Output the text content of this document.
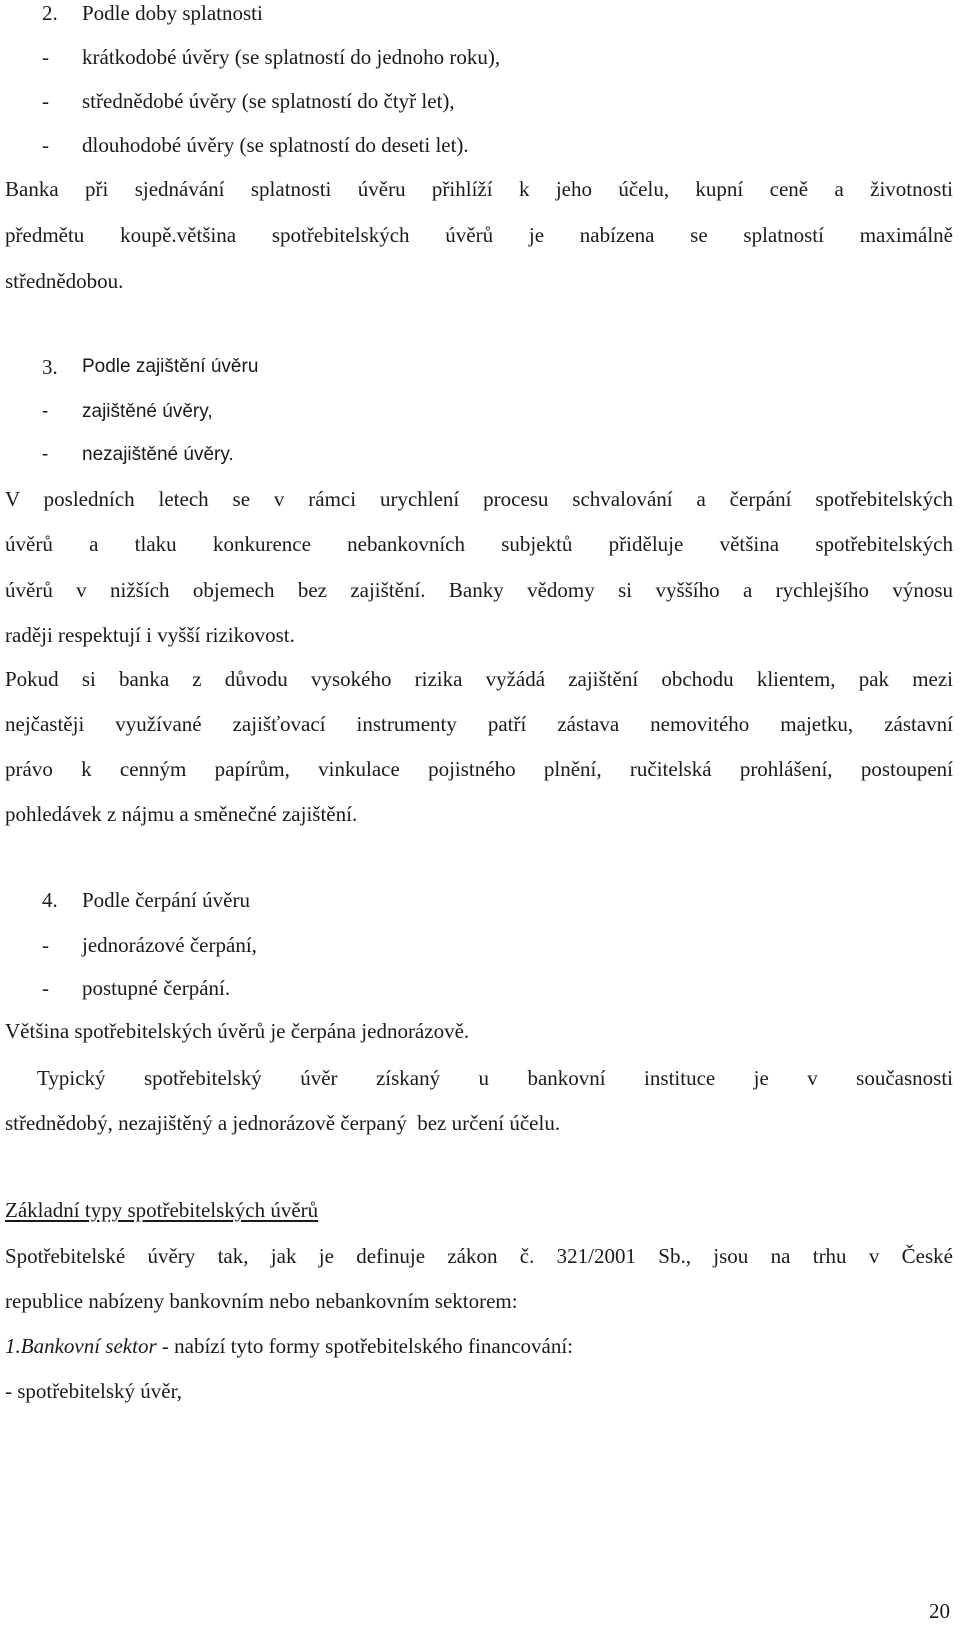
2. Podle doby splatnosti
- krátkodobé úvěry (se splatností do jednoho roku),
- střednědobé úvěry (se splatností do čtyř let),
- dlouhodobé úvěry (se splatností do deseti let).
Banka při sjednávání splatnosti úvěru přihlíží k jeho účelu, kupní ceně a životnosti
předmětu koupě.většina spotřebitelských úvěrů je nabízena se splatností maximálně
střednědobou.
3. Podle zajištění úvěru
- zajištěné úvěry,
- nezajištěné úvěry.
V posledních letech se v rámci urychlení procesu schvalování a čerpání spotřebitelských
úvěrů a tlaku konkurence nebankovních subjektů přiděluje většina spotřebitelských
úvěrů v nižších objemech bez zajištění. Banky vědomy si vyššího a rychlejšího výnosu
raději respektují i vyšší rizikovost.
Pokud si banka z důvodu vysokého rizika vyžádá zajištění obchodu klientem, pak mezi
nejčastěji využívané zajišťovací instrumenty patří zástava nemovitého majetku, zástavní
právo k cenným papírům, vinkulace pojistného plnění, ručitelská prohlášení, postoupení
pohledávek z nájmu a směnečné zajištění.
4. Podle čerpání úvěru
- jednorázové čerpání,
- postupné čerpání.
Většina spotřebitelských úvěrů je čerpána jednorázově.
Typický spotřebitelský úvěr získaný u bankovní instituce je v současnosti
střednědobý, nezajištěný a jednorázově čerpaný  bez určení účelu.
Základní typy spotřebitelských úvěrů
Spotřebitelské úvěry tak, jak je definuje zákon č. 321/2001 Sb., jsou na trhu v České
republice nabízeny bankovním nebo nebankovním sektorem:
1.Bankovní sektor - nabízí tyto formy spotřebitelského financování:
- spotřebitelský úvěr,
20
